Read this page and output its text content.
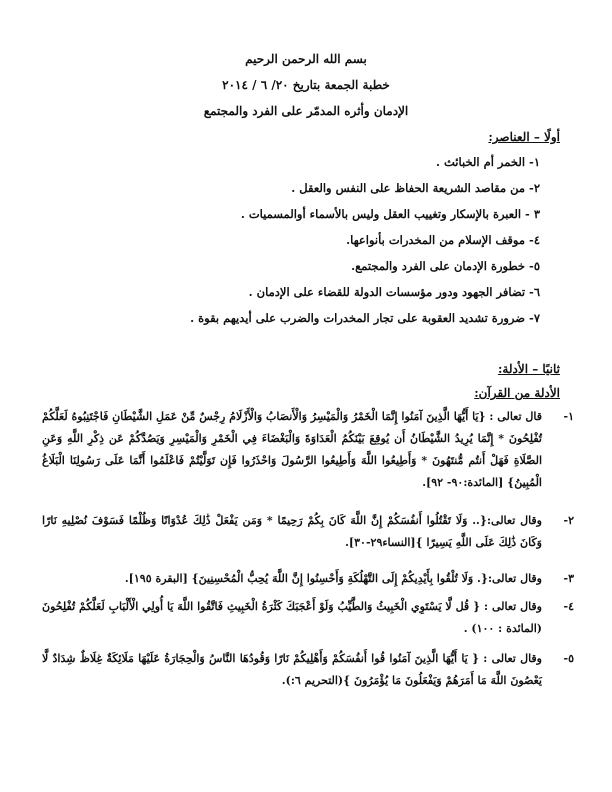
بسم الله الرحمن الرحيم
خطبة الجمعة بتاريخ ٢٠/ ٦ / ٢٠١٤
الإدمان وأثره المدمّر على الفرد والمجتمع
أولًا – العناصر:
١- الخمر أم الخبائث .
٢- من مقاصد الشريعة الحفاظ على النفس والعقل .
٣ - العبرة بالإسكار وتغييب العقل وليس بالأسماء أوالمسميات .
٤- موقف الإسلام من المخدرات بأنواعها.
٥- خطورة الإدمان على الفرد والمجتمع.
٦- تضافر الجهود ودور مؤسسات الدولة للقضاء على الإدمان .
٧- ضرورة تشديد العقوبة على تجار المخدرات والضرب على أيديهم بقوة .
ثانيًا – الأدلة:
الأدلة من القرآن:
١-
قال تعالى : {يَا أَيُّهَا الَّذِينَ آمَنُوا إِنَّمَا الْخَمْرُ وَالْمَيْسِرُ وَالْأَنصَابُ وَالْأَزْلَامُ رِجْسٌ مِّنْ عَمَلِ الشَّيْطَانِ فَاجْتَنِبُوهُ لَعَلَّكُمْ تُفْلِحُونَ * إِنَّمَا يُرِيدُ الشَّيْطَانُ أَن يُوقِعَ بَيْنَكُمُ الْعَدَاوَةَ وَالْبَغْضَاءَ فِي الْخَمْرِ وَالْمَيْسِرِ وَيَصُدَّكُمْ عَن ذِكْرِ اللَّهِ وَعَنِ الصَّلَاةِ فَهَلْ أَنتُم مُّنتَهُونَ * وَأَطِيعُوا اللَّهَ وَأَطِيعُوا الرَّسُولَ وَاحْذَرُوا فَإِن تَوَلَّيْتُمْ فَاعْلَمُوا أَنَّمَا عَلَى رَسُولِنَا الْبَلَاغُ الْمُبِينُ} [المائدة:٩٠- ٩٢].
٢-
وقال تعالى:{.. وَلَا تَقْتُلُوا أَنفُسَكُمْ إِنَّ اللَّهَ كَانَ بِكُمْ رَحِيمًا * وَمَن يَفْعَلْ ذَٰلِكَ عُدْوَانًا وَظُلْمًا فَسَوْفَ نُصْلِيهِ نَارًا وَكَانَ ذَٰلِكَ عَلَى اللَّهِ يَسِيرًا }[النساء٢٩-٣٠].
٣-
وقال تعالى:{. وَلَا تُلْقُوا بِأَيْدِيكُمْ إِلَى التَّهْلُكَةِ وَأَحْسِنُوا إِنَّ اللَّهَ يُحِبُّ الْمُحْسِنِينَ} [البقرة ١٩٥].
٤-
وقال تعالى : { قُل لَّا يَسْتَوِي الْخَبِيثُ وَالطَّيِّبُ وَلَوْ أَعْجَبَكَ كَثْرَةُ الْخَبِيثِ فَاتَّقُوا اللَّهَ يَا أُولِي الْأَلْبَابِ لَعَلَّكُمْ تُفْلِحُونَ (المائدة : ١٠٠) .
٥-
وقال تعالى : { يَا أَيُّهَا الَّذِينَ آمَنُوا قُوا أَنفُسَكُمْ وَأَهْلِيكُمْ نَارًا وَقُودُهَا النَّاسُ وَالْحِجَارَةُ عَلَيْهَا مَلَائِكَةٌ غِلَاظٌ شِدَادٌ لَّا يَعْصُونَ اللَّهَ مَا أَمَرَهُمْ وَيَفْعَلُونَ مَا يُؤْمَرُونَ }(التحريم ٦:).
